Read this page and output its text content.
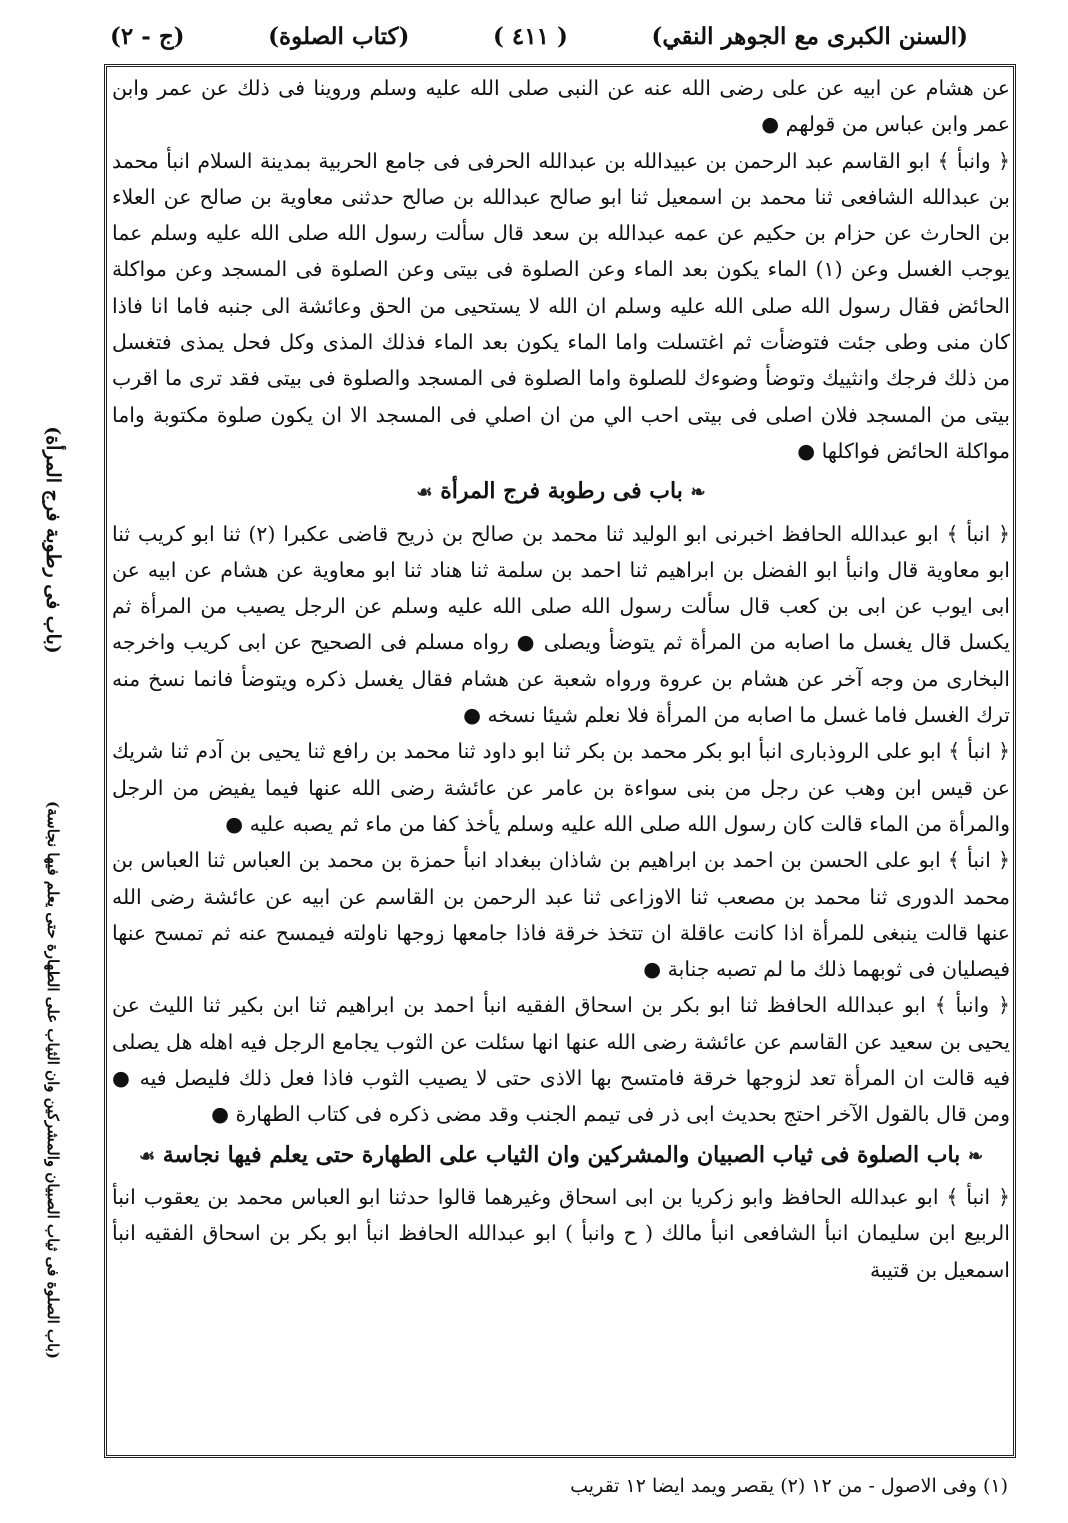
(السنن الكبرى مع الجوهر النقي)
( ٤١١ )
(كتاب الصلوة)
(ج - ٢)

عن هشام عن ابيه عن على رضى الله عنه عن النبى صلى الله عليه وسلم وروينا فى ذلك عن عمر وابن عمر وابن عباس من قولهم ●

﴿ وانبأ ﴾ ابو القاسم عبد الرحمن بن عبيدالله بن عبدالله الحرفى فى جامع الحربية بمدينة السلام انبأ محمد بن عبدالله الشافعى ثنا محمد بن اسمعيل ثنا ابو صالح عبدالله بن صالح حدثنى معاوية بن صالح عن العلاء بن الحارث عن حزام بن حكيم عن عمه عبدالله بن سعد قال سألت رسول الله صلى الله عليه وسلم عما يوجب الغسل وعن (١) الماء يكون بعد الماء وعن الصلوة فى بيتى وعن الصلوة فى المسجد وعن مواكلة الحائض فقال رسول الله صلى الله عليه وسلم ان الله لا يستحيى من الحق وعائشة الى جنبه فاما انا فاذا كان منى وطى جئت فتوضأت ثم اغتسلت واما الماء يكون بعد الماء فذلك المذى وكل فحل يمذى فتغسل من ذلك فرجك وانثييك وتوضأ وضوءك للصلوة واما الصلوة فى المسجد والصلوة فى بيتى فقد ترى ما اقرب بيتى من المسجد فلان اصلى فى بيتى احب الي من ان اصلي فى المسجد الا ان يكون صلوة مكتوبة واما مواكلة الحائض فواكلها ●

❧ باب فى رطوبة فرج المرأة ☙

﴿ انبأ ﴾ ابو عبدالله الحافظ اخبرنى ابو الوليد ثنا محمد بن صالح بن ذريح قاضى عكبرا (٢) ثنا ابو كريب ثنا ابو معاوية قال وانبأ ابو الفضل بن ابراهيم ثنا احمد بن سلمة ثنا هناد ثنا ابو معاوية عن هشام عن ابيه عن ابى ايوب عن ابى بن كعب قال سألت رسول الله صلى الله عليه وسلم عن الرجل يصيب من المرأة ثم يكسل قال يغسل ما اصابه من المرأة ثم يتوضأ ويصلى ● رواه مسلم فى الصحيح عن ابى كريب واخرجه البخارى من وجه آخر عن هشام بن عروة ورواه شعبة عن هشام فقال يغسل ذكره ويتوضأ فانما نسخ منه ترك الغسل فاما غسل ما اصابه من المرأة فلا نعلم شيئا نسخه ●

﴿ انبأ ﴾ ابو على الروذبارى انبأ ابو بكر محمد بن بكر ثنا ابو داود ثنا محمد بن رافع ثنا يحيى بن آدم ثنا شريك عن قيس ابن وهب عن رجل من بنى سواءة بن عامر عن عائشة رضى الله عنها فيما يفيض من الرجل والمرأة من الماء قالت كان رسول الله صلى الله عليه وسلم يأخذ كفا من ماء ثم يصبه عليه ●

﴿ انبأ ﴾ ابو على الحسن بن احمد بن ابراهيم بن شاذان ببغداد انبأ حمزة بن محمد بن العباس ثنا العباس بن محمد الدورى ثنا محمد بن مصعب ثنا الاوزاعى ثنا عبد الرحمن بن القاسم عن ابيه عن عائشة رضى الله عنها قالت ينبغى للمرأة اذا كانت عاقلة ان تتخذ خرقة فاذا جامعها زوجها ناولته فيمسح عنه ثم تمسح عنها فيصليان فى ثوبهما ذلك ما لم تصبه جنابة ●

﴿ وانبأ ﴾ ابو عبدالله الحافظ ثنا ابو بكر بن اسحاق الفقيه انبأ احمد بن ابراهيم ثنا ابن بكير ثنا الليث عن يحيى بن سعيد عن القاسم عن عائشة رضى الله عنها انها سئلت عن الثوب يجامع الرجل فيه اهله هل يصلى فيه قالت ان المرأة تعد لزوجها خرقة فامتسح بها الاذى حتى لا يصيب الثوب فاذا فعل ذلك فليصل فيه ● ومن قال بالقول الآخر احتج بحديث ابى ذر فى تيمم الجنب وقد مضى ذكره فى كتاب الطهارة ●

❧ باب الصلوة فى ثياب الصبيان والمشركين وان الثياب على الطهارة حتى يعلم فيها نجاسة ☙

﴿ انبأ ﴾ ابو عبدالله الحافظ وابو زكريا بن ابى اسحاق وغيرهما قالوا حدثنا ابو العباس محمد بن يعقوب انبأ الربيع ابن سليمان انبأ الشافعى انبأ مالك ( ح وانبأ ) ابو عبدالله الحافظ انبأ ابو بكر بن اسحاق الفقيه انبأ اسمعيل بن قتيبة

(باب فى رطوبة فرج المرأة)
(باب الصلوة فى ثياب الصبيان والمشركين وان الثياب على الطهارة حتى يعلم فيها نجاسة)
(١) وفى الاصول - من ١٢ (٢) يقصر ويمد ايضا ١٢ تقريب
